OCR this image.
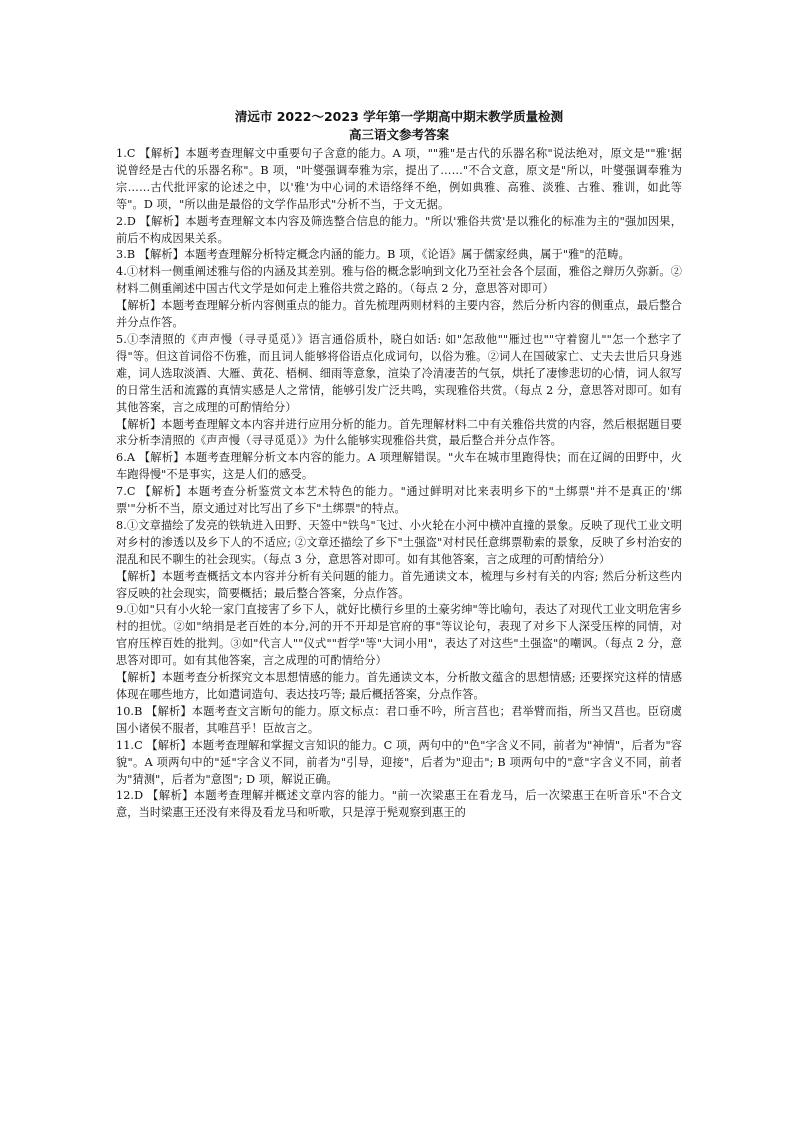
清远市 2022～2023 学年第一学期高中期末教学质量检测
高三语文参考答案

1.C 【解析】本题考查理解文中重要句子含意的能力。A 项，""雅"是古代的乐器名称"说法绝对，原文是""雅'据说曾经是古代的乐器名称"。B 项，"叶燮强调奉雅为宗，提出了……"不合文意，原文是"所以，叶燮强调奉雅为宗……古代批评家的论述之中，以'雅'为中心词的术语络绎不绝，例如典雅、高雅、淡雅、古雅、雅训，如此等等"。D 项，"所以曲是最俗的文学作品形式"分析不当，于文无据。

2.D 【解析】本题考查理解文本内容及筛选整合信息的能力。"所以'雅俗共赏'是以雅化的标准为主的"强加因果，前后不构成因果关系。

3.B 【解析】本题考查理解分析特定概念内涵的能力。B 项，《论语》属于儒家经典，属于"雅"的范畴。

4.①材料一侧重阐述雅与俗的内涵及其差别。雅与俗的概念影响到文化乃至社会各个层面，雅俗之辩历久弥新。②材料二侧重阐述中国古代文学是如何走上雅俗共赏之路的。（每点 2 分，意思答对即可）

【解析】本题考查理解分析内容侧重点的能力。首先梳理两则材料的主要内容，然后分析内容的侧重点，最后整合并分点作答。

5.①李清照的《声声慢（寻寻觅觅）》语言通俗质朴，晓白如话: 如"怎敌他""雁过也""守着窗儿""怎一个愁字了得"等。但这首词俗不伤雅，而且词人能够将俗语点化成词句，以俗为雅。②词人在国破家亡、丈夫去世后只身逃难，词人选取淡酒、大雁、黄花、梧桐、细雨等意象，渲染了冷清凄苦的气氛，烘托了凄惨悲切的心情，词人叙写的日常生活和流露的真情实感是人之常情，能够引发广泛共鸣，实现雅俗共赏。（每点 2 分，意思答对即可。如有其他答案，言之成理的可酌情给分）

【解析】本题考查理解文本内容并进行应用分析的能力。首先理解材料二中有关雅俗共赏的内容，然后根据题目要求分析李清照的《声声慢（寻寻觅觅）》为什么能够实现雅俗共赏，最后整合并分点作答。

6.A 【解析】本题考查理解分析文本内容的能力。A 项理解错误。"火车在城市里跑得快；而在辽阔的田野中，火车跑得慢"不是事实，这是人们的感受。

7.C 【解析】本题考查分析鉴赏文本艺术特色的能力。"通过鲜明对比来表明乡下的"土绑票"并不是真正的'绑票'"分析不当，原文通过对比写出了乡下"土绑票"的特点。

8.①文章描绘了发亮的铁轨进入田野、天签中"铁鸟"飞过、小火轮在小河中横冲直撞的景象。反映了现代工业文明对乡村的渗透以及乡下人的不适应; ②文章还描绘了乡下"土强盗"对村民任意绑票勒索的景象，反映了乡村治安的混乱和民不聊生的社会现实。（每点 3 分，意思答对即可。如有其他答案，言之成理的可酌情给分）

【解析】本题考查概括文本内容并分析有关问题的能力。首先通读文本，梳理与乡村有关的内容; 然后分析这些内容反映的社会现实，简要概括；最后整合答案，分点作答。

9.①如"只有小火轮一家门直接害了乡下人，就好比横行乡里的土豪劣绅"等比喻句，表达了对现代工业文明危害乡村的担忧。②如"纳捐是老百姓的本分,河的开不开却是官府的事"等议论句，表现了对乡下人深受压榨的同情，对官府压榨百姓的批判。③如"代言人""仪式""哲学"等"大词小用"，表达了对这些"土强盗"的嘲讽。（每点 2 分，意思答对即可。如有其他答案，言之成理的可酌情给分）

【解析】本题考查分析探究文本思想情感的能力。首先通读文本，分析散文蕴含的思想情感; 还要探究这样的情感体现在哪些地方，比如遣词造句、表达技巧等; 最后概括答案，分点作答。

10.B 【解析】本题考查文言断句的能力。原文标点：君口垂不吟，所言莒也；君举臂而指，所当又莒也。臣窃虞国小诸侯不服者，其唯莒乎！臣故言之。

11.C 【解析】本题考查理解和掌握文言知识的能力。C 项，两句中的"色"字含义不同，前者为"神情"，后者为"容貌"。A 项两句中的"延"字含义不同，前者为"引导，迎接"，后者为"迎击"; B 项两句中的"意"字含义不同，前者为"猜测"，后者为"意图"; D 项，解说正确。

12.D 【解析】本题考查理解并概述文章内容的能力。"前一次梁惠王在看龙马，后一次梁惠王在听音乐"不合文意，当时梁惠王还没有来得及看龙马和听歌，只是淳于髡观察到惠王的
